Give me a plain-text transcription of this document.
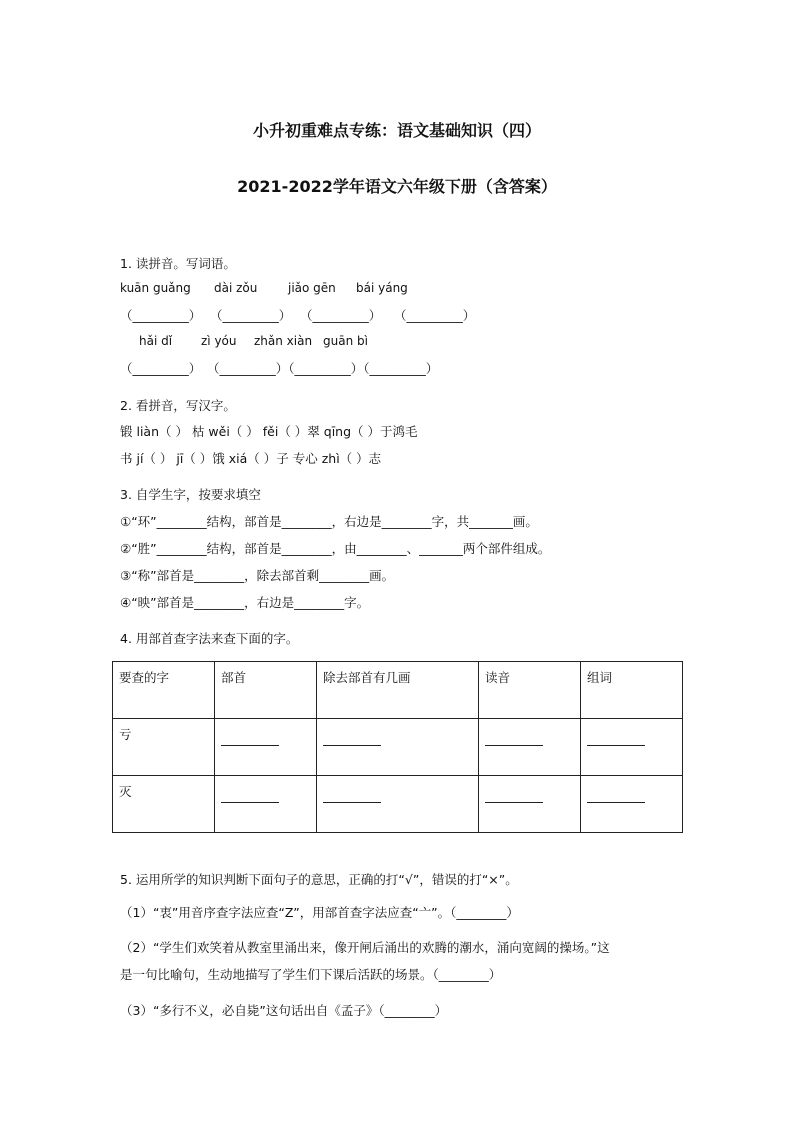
小升初重难点专练：语文基础知识（四）
2021-2022学年语文六年级下册（含答案）
1. 读拼音。写词语。
kuān guǎng dài zǒu	jiǎo gēn bái yáng
（_________） （_________） （_________） （_________）
hǎi dǐ zì yóu zhǎn xiàn guān bì
（_________） （_________）（_________）（_________）
2. 看拼音，写汉字。
锻 liàn（ ） 枯 wěi（ ） fěi（ ）翠 qīng（ ）于鸿毛
书 jí（ ） jī（ ）饿 xiá（ ）子 专心 zhì（ ）志
3. 自学生字，按要求填空
①“环”________结构，部首是________，右边是________字，共_______画。
②“胜”________结构，部首是________，由________、_______两个部件组成。
③“称”部首是________，除去部首剩________画。
④“映”部首是________，右边是________字。
4. 用部首查字法来查下面的字。
要查的字	部首	除去部首有几画	读音	组词
亏				
灭				
5. 运用所学的知识判断下面句子的意思，正确的打“√”，错误的打“×”。
（1）“衷”用音序查字法应查“Z”，用部首查字法应查“亠”。（________）
（2）“学生们欢笑着从教室里涌出来，像开闸后涌出的欢腾的潮水，涌向宽阔的操场。”这
是一句比喻句，生动地描写了学生们下课后活跃的场景。（________）
（3）“多行不义，必自毙”这句话出自《孟子》（________）
